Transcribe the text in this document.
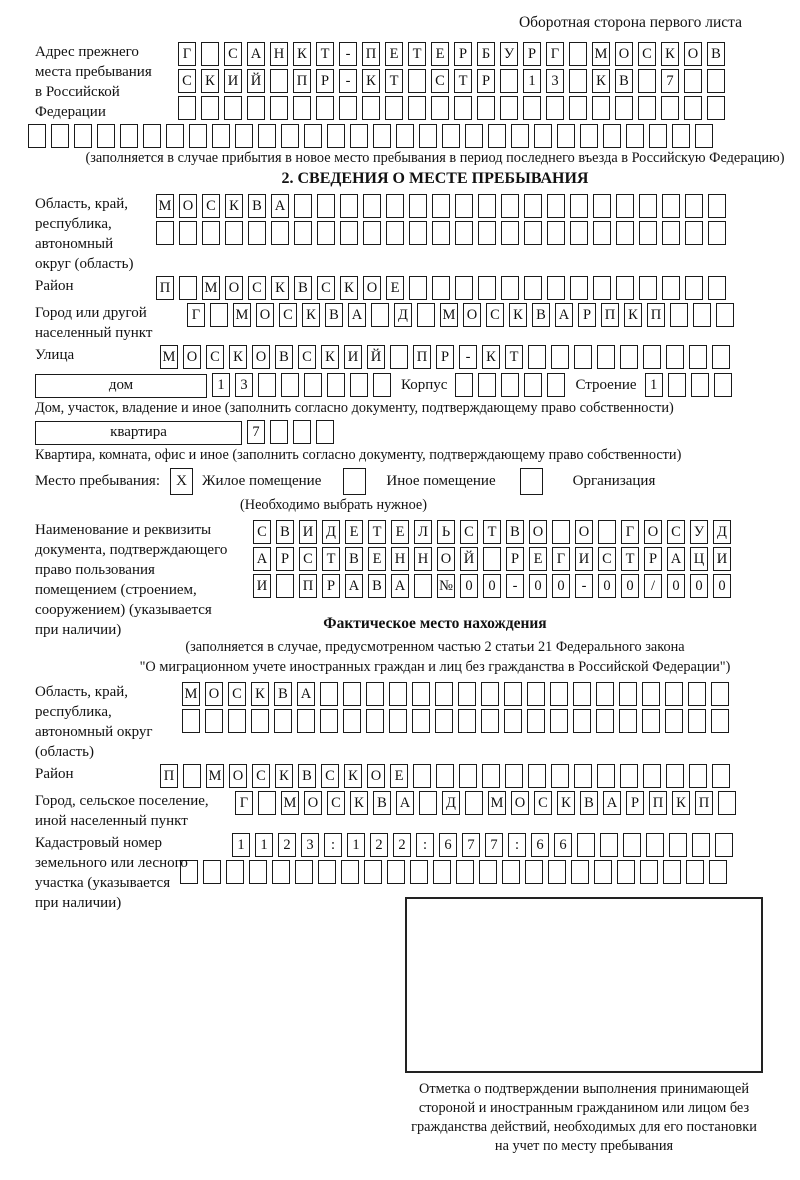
Оборотная сторона первого листа
Адрес прежнего
места пребывания
в Российской
Федерации
Г	С А Н К Т	-	П Е Т Е	Р	Б У Р	Г	М О С К О В
С К И Й П Р	-	К Т	С Т	Р	1	3	К В	7
(заполняется в случае прибытия в новое место пребывания в период последнего въезда в Российскую Федерацию)
2. СВЕДЕНИЯ О МЕСТЕ ПРЕБЫВАНИЯ
Область, край,
республика,
автономный
округ (область)
М О С К В А
Район	П М О С К В С К О Е
Город или другой
населенный пункт
Г	М О С К В А Д М О С К В А Р П К П
Улица	М О С К О В С К И Й П Р	-	К Т
дом	1	3	Корпус	Строение 1
Дом, участок, владение и иное (заполнить согласно документу, подтверждающему право собственности)
квартира	7
Квартира, комната, офис и иное (заполнить согласно документу, подтверждающему право собственности)
Место пребывания:	X	Жилое помещение	Иное помещение	Организация
(Необходимо выбрать нужное)
Наименование и реквизиты
документа, подтверждающего
право пользования
помещением (строением,
сооружением) (указывается
при наличии)
С В И Д Е Т Е Л Ь С Т В О О	Г О С У Д
А Р С Т В Е Н Н О Й	Р	Е Г И С Т	Р А Ц И
И П Р А В А № 0	0	-	0	0	-	0	0	/	0	0	0
Фактическое место нахождения
(заполняется в случае, предусмотренном частью 2 статьи 21 Федерального закона
"О миграционном учете иностранных граждан и лиц без гражданства в Российской Федерации")
Область, край,
республика,
автономный округ
(область)
М О С К В А
Район	П М О С К В С К О Е
Город, сельское поселение,
иной населенный пункт
Г	М О С К В А Д М О С К В А Р П К П
Кадастровый номер
земельного или лесного
участка (указывается
при наличии)
1	1	2	3	:	1	2	2	:	6	7	7	:	6	6
Отметка о подтверждении выполнения принимающей
стороной и иностранным гражданином или лицом без
гражданства действий, необходимых для его постановки
на учет по месту пребывания
